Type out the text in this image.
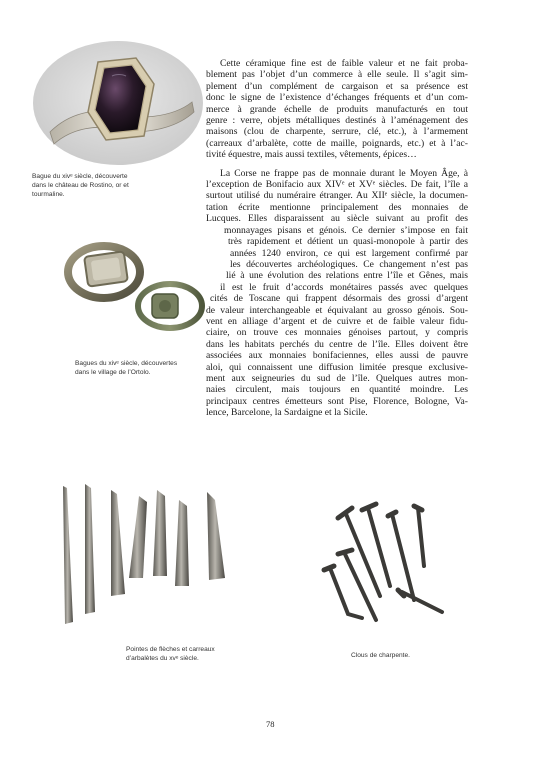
Bague du xivᵉ siècle, découverte
dans le château de Rostino, or et
tourmaline.
Bagues du xivᵉ siècle, découvertes
dans le village de l’Ortolo.

Cette céramique fine est de faible valeur et ne fait proba-
blement pas l’objet d’un commerce à elle seule. Il s’agit sim-
plement d’un complément de cargaison et sa présence est
donc le signe de l’existence d’échanges fréquents et d’un com-
merce à grande échelle de produits manufacturés en tout
genre : verre, objets métalliques destinés à l’aménagement des
maisons (clou de charpente, serrure, clé, etc.), à l’armement
(carreaux d’arbalète, cotte de maille, poignards, etc.) et à l’ac-
tivité équestre, mais aussi textiles, vêtements, épices…

La Corse ne frappe pas de monnaie durant le Moyen Âge, à
l’exception de Bonifacio aux XIVᵉ et XVᵉ siècles. De fait, l’île a
surtout utilisé du numéraire étranger. Au XIIᵉ siècle, la documen-
tation écrite mentionne principalement des monnaies de
Lucques. Elles disparaissent au siècle suivant au profit des
monnayages pisans et génois. Ce dernier s’impose en fait
très rapidement et détient un quasi-monopole à partir des
années 1240 environ, ce qui est largement confirmé par
les découvertes archéologiques. Ce changement n’est pas
lié à une évolution des relations entre l’île et Gênes, mais
il est le fruit d’accords monétaires passés avec quelques
cités de Toscane qui frappent désormais des grossi d’argent
de valeur interchangeable et équivalant au grosso génois. Sou-
vent en alliage d’argent et de cuivre et de faible valeur fidu-
ciaire, on trouve ces monnaies génoises partout, y compris
dans les habitats perchés du centre de l’île. Elles doivent être
associées aux monnaies bonifaciennes, elles aussi de pauvre
aloi, qui connaissent une diffusion limitée presque exclusive-
ment aux seigneuries du sud de l’île. Quelques autres mon-
naies circulent, mais toujours en quantité moindre. Les
principaux centres émetteurs sont Pise, Florence, Bologne, Va-
lence, Barcelone, la Sardaigne et la Sicile.

Pointes de flèches et carreaux
d’arbalètes du xvᵉ siècle.	Clous de charpente.
78
